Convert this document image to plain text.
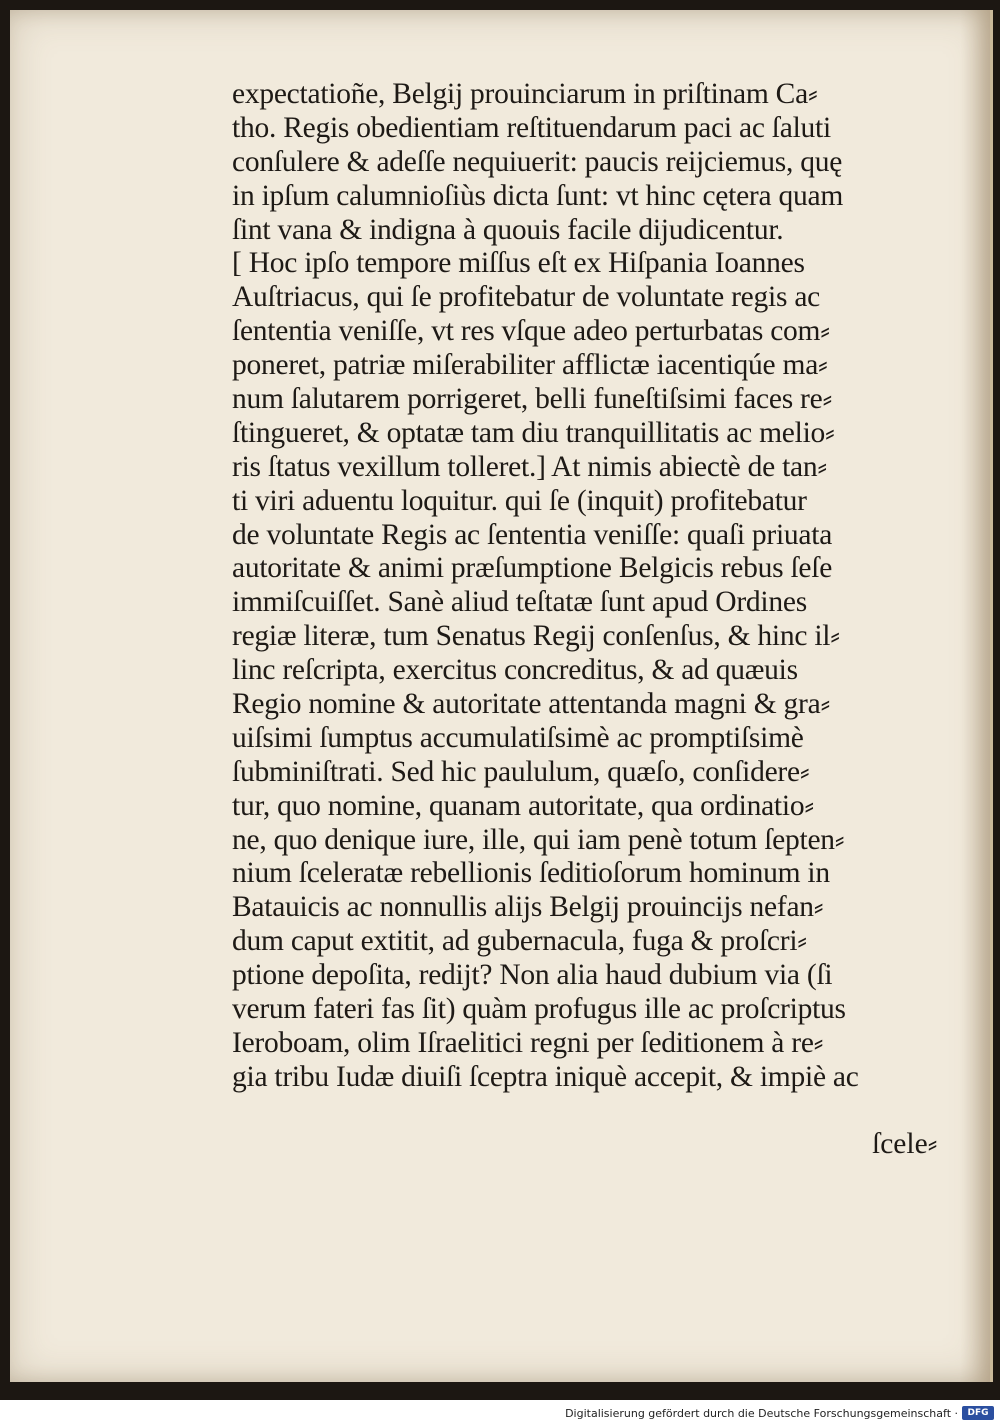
expectatioñe, Belgij prouinciarum in priſtinam Ca⸗
tho. Regis obedientiam reſtituendarum paci ac ſaluti
conſulere & adeſſe nequiuerit: paucis reijciemus, quę
in ipſum calumnioſiùs dicta ſunt: vt hinc cętera quam
ſint vana & indigna à quouis facile dijudicentur.
[ Hoc ipſo tempore miſſus eſt ex Hiſpania Ioannes
Auſtriacus, qui ſe profitebatur de voluntate regis ac
ſententia veniſſe, vt res vſque adeo perturbatas com⸗
poneret, patriæ miſerabiliter afflictæ iacentiqúe ma⸗
num ſalutarem porrigeret, belli funeſtiſsimi faces re⸗
ſtingueret, & optatæ tam diu tranquillitatis ac melio⸗
ris ſtatus vexillum tolleret.] At nimis abiectè de tan⸗
ti viri aduentu loquitur. qui ſe (inquit) profitebatur
de voluntate Regis ac ſententia veniſſe: quaſi priuata
autoritate & animi præſumptione Belgicis rebus ſeſe
immiſcuiſſet. Sanè aliud teſtatæ ſunt apud Ordines
regiæ literæ, tum Senatus Regij conſenſus, & hinc il⸗
linc reſcripta, exercitus concreditus, & ad quæuis
Regio nomine & autoritate attentanda magni & gra⸗
uiſsimi ſumptus accumulatiſsimè ac promptiſsimè
ſubminiſtrati. Sed hic paululum, quæſo, conſidere⸗
tur, quo nomine, quanam autoritate, qua ordinatio⸗
ne, quo denique iure, ille, qui iam penè totum ſepten⸗
nium ſceleratæ rebellionis ſeditioſorum hominum in
Batauicis ac nonnullis alijs Belgij prouincijs nefan⸗
dum caput extitit, ad gubernacula, fuga & proſcri⸗
ptione depoſita, redijt? Non alia haud dubium via (ſi
verum fateri fas ſit) quàm profugus ille ac proſcriptus
Ieroboam, olim Iſraelitici regni per ſeditionem à re⸗
gia tribu Iudæ diuiſi ſceptra iniquè accepit, & impiè ac
ſcele⸗
Digitalisierung gefördert durch die Deutsche Forschungsgemeinschaft ·	DFG
